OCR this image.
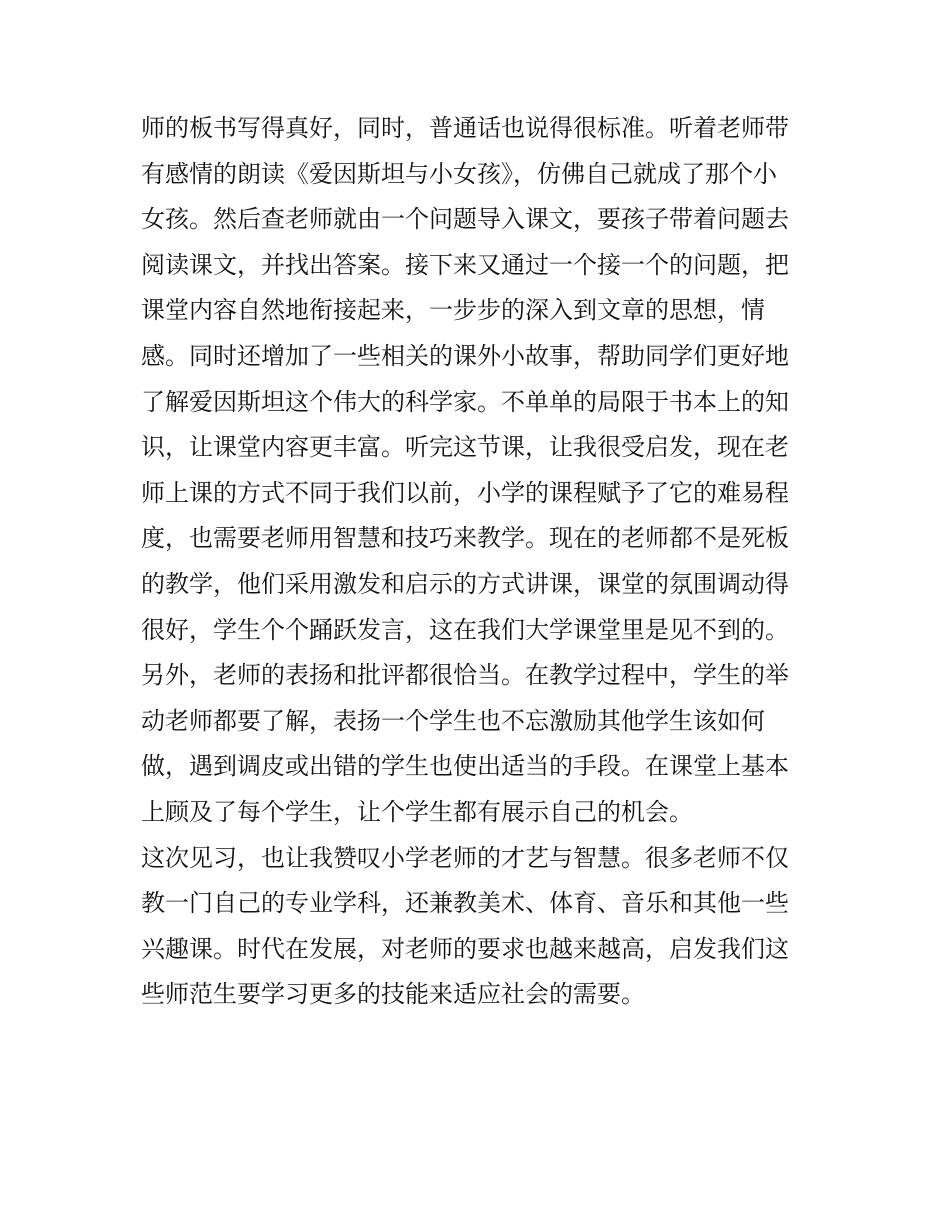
师的板书写得真好，同时，普通话也说得很标准。听着老师带
有感情的朗读《爱因斯坦与小女孩》，仿佛自己就成了那个小
女孩。然后查老师就由一个问题导入课文，要孩子带着问题去
阅读课文，并找出答案。接下来又通过一个接一个的问题，把
课堂内容自然地衔接起来，一步步的深入到文章的思想，情
感。同时还增加了一些相关的课外小故事，帮助同学们更好地
了解爱因斯坦这个伟大的科学家。不单单的局限于书本上的知
识，让课堂内容更丰富。听完这节课，让我很受启发，现在老
师上课的方式不同于我们以前，小学的课程赋予了它的难易程
度，也需要老师用智慧和技巧来教学。现在的老师都不是死板
的教学，他们采用激发和启示的方式讲课，课堂的氛围调动得
很好，学生个个踊跃发言，这在我们大学课堂里是见不到的。
另外，老师的表扬和批评都很恰当。在教学过程中，学生的举
动老师都要了解，表扬一个学生也不忘激励其他学生该如何
做，遇到调皮或出错的学生也使出适当的手段。在课堂上基本
上顾及了每个学生，让个学生都有展示自己的机会。
这次见习，也让我赞叹小学老师的才艺与智慧。很多老师不仅
教一门自己的专业学科，还兼教美术、体育、音乐和其他一些
兴趣课。时代在发展，对老师的要求也越来越高，启发我们这
些师范生要学习更多的技能来适应社会的需要。
